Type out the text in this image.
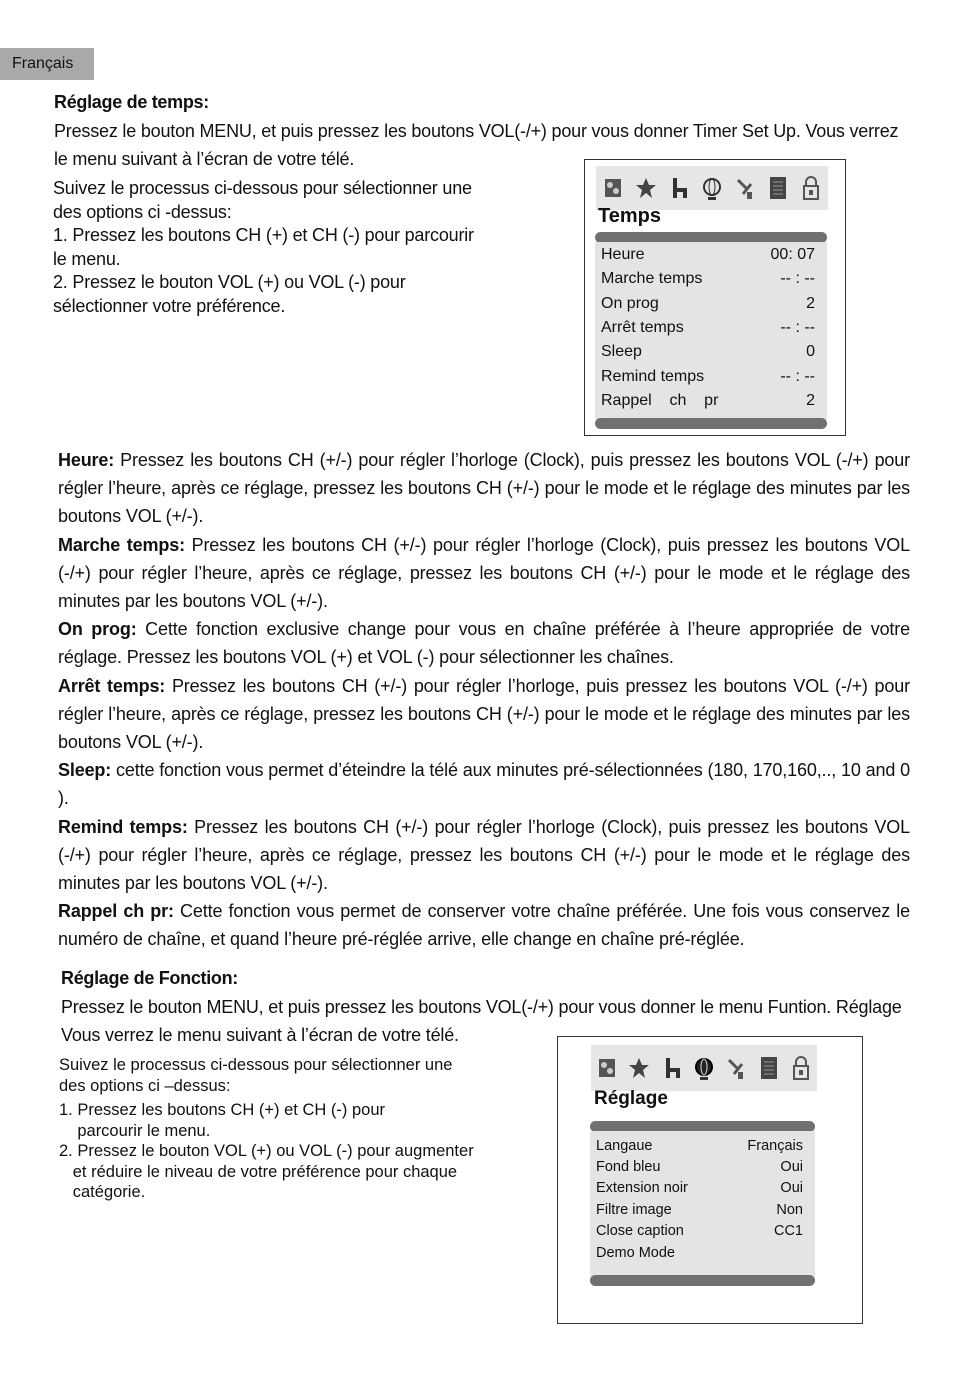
Français
Réglage de temps:
Pressez le bouton MENU, et puis pressez les boutons VOL(-/+) pour vous donner Timer Set Up. Vous verrez
le menu suivant à l’écran de votre télé.
Suivez le processus ci-dessous pour sélectionner une
des options ci -dessus:
1. Pressez les boutons CH (+) et CH (-) pour parcourir
le menu.
2. Pressez le bouton VOL (+) ou VOL (-) pour
sélectionner votre préférence.
Temps
Heure	00: 07
Marche temps	-- : --
On prog	2
Arrêt temps	-- : --
Sleep	0
Remind temps	-- : --
Rappel    ch    pr	2
Heure: Pressez les boutons CH (+/-) pour régler l’horloge (Clock), puis pressez les boutons VOL (-/+) pour régler l’heure, après ce réglage, pressez les boutons CH (+/-) pour le mode et le réglage des minutes par les boutons VOL (+/-).
Marche temps: Pressez les boutons CH (+/-) pour régler l’horloge (Clock), puis pressez les boutons VOL (-/+) pour régler l’heure, après ce réglage, pressez les boutons CH (+/-) pour le mode et le réglage des minutes par les boutons VOL (+/-).
On prog: Cette fonction exclusive change pour vous en chaîne préférée à l’heure appropriée de votre réglage. Pressez les boutons VOL (+) et VOL (-) pour sélectionner les chaînes.
Arrêt temps: Pressez les boutons CH (+/-) pour régler l’horloge, puis pressez les boutons VOL (-/+) pour régler l’heure, après ce réglage, pressez les boutons CH (+/-) pour le mode et le réglage des minutes par les boutons VOL (+/-).
Sleep: cette fonction vous permet d’éteindre la télé aux minutes pré-sélectionnées (180, 170,160,.., 10 and 0 ).
Remind temps: Pressez les boutons CH (+/-) pour régler l’horloge (Clock), puis pressez les boutons VOL (-/+) pour régler l’heure, après ce réglage, pressez les boutons CH (+/-) pour le mode et le réglage des minutes par les boutons VOL (+/-).
Rappel ch pr: Cette fonction vous permet de conserver votre chaîne préférée. Une fois vous conservez le numéro de chaîne, et quand l’heure pré-réglée arrive, elle change en chaîne pré-réglée.
Réglage de Fonction:
Pressez le bouton MENU, et puis pressez les boutons VOL(-/+) pour vous donner le menu Funtion. Réglage
Vous verrez le menu suivant à l’écran de votre télé.
Suivez le processus ci-dessous pour sélectionner une
des options ci –dessus:
1. Pressez les boutons CH (+) et CH (-) pour
parcourir le menu.
2. Pressez le bouton VOL (+) ou VOL (-) pour augmenter
et réduire le niveau de votre préférence pour chaque
catégorie.
Réglage
Langaue	Français
Fond bleu	Oui
Extension noir	Oui
Filtre image	Non
Close caption	CC1
Demo Mode
